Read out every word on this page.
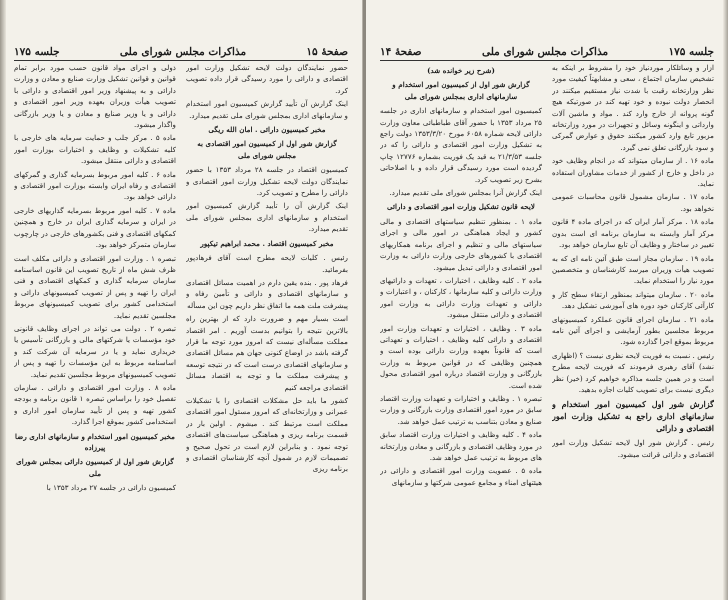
صفحهٔ ۱۵
مذاکرات مجلس شورای ملی
جلسه ۱۷۵

حضور نمایندگان دولت لایحه تشکیل وزارت امور اقتصادی و دارائی را مورد رسیدگی قرار داده تصویب کرد.

اینک گزارش آن تأیید گزارش کمیسیون امور استخدام و سازمانهای اداری بمجلس شورای ملی تقدیم میدارد.

مخبر کمیسیون دارائی . امان الله ریگی

گزارش شور اول از کمیسیون امور اقتصادی به مجلس شورای ملی

کمیسیون اقتصاد در جلسه ۲۸ مرداد ۱۳۵۳ با حضور نمایندگان دولت لایحه تشکیل وزارت امور اقتصادی و دارائی را مطرح و تصویب کرد.

اینک گزارش آن را تأیید گزارش کمیسیون امور استخدام و سازمانهای اداری بمجلس شورای ملی تقدیم میدارد.

مخبر کمیسیون اقتصاد . محمد ابراهیم تیکپور

رئیس . کلیات لایحه مطرح است آقای فرهادپور بفرمائید.

فرهاد پور . بنده یقین دارم در اهمیت مسائل اقتصادی و سازمانهای اقتصادی و دارائی و تأمین رفاه و پیشرفت ملت همه ما اتفاق نظر داریم چون این مسأله

است بسیار مهم و ضرورت دارد که از بهترین راه بالاترین نتیجه را بتوانیم بدست آوریم . امر اقتصاد مملکت مسأله‌ای نیست که امروز مورد توجه ما قرار گرفته باشد در اوضاع کنونی جهان هم مسائل اقتصادی و سازمانهای اقتصادی درست است که در نتیجه توسعه و پیشرفت مملکت ما و توجه به اقتصاد مسائل اقتصادی مراجعه کنیم

کشور ما باید حل مشکلات اقتصادی را با تشکیلات عمرانی و وزارتخانه‌ای که امروز مسئول امور اقتصادی مملکت است مرتبط کند . میشوم . اولین بار در قسمت برنامه ریزی و هماهنگی سیاست‌های اقتصادی توجه نمود . و بنابراین لازم است در تحول صحیح و تصمیمات لازم در شمول آنچه کارشناسان اقتصادی و برنامه ریزی

ذولی و اجرای مواد قانون حسب مورد برابر تمام قوانین و قوانین تشکیل وزارت صنایع و معادن و وزارت دارائی و به پیشنهاد وزیر امور اقتصادی و دارائی با تصویب هیأت وزیران بعهده وزیر امور اقتصادی و دارائی و یا وزیر صنایع و معادن و یا وزیر بازرگانی واگذار میشود.

ماده ۵ . مرکز جلب و حمایت سرمایه های خارجی با کلیه تشکیلات و وظایف و اختیارات بوزارت امور اقتصادی و دارائی منتقل میشود.

ماده ۶ . کلیه امور مربوط بسرمایه گذاری و گمرکهای اقتصادی و رفاه ایران وابسته بوزارت امور اقتصادی و دارائی خواهد بود.

ماده ۷ . کلیه امور مربوط بسرمایه گذاریهای خارجی در ایران و سرمایه گذاری ایران در خارج و همچنین کمکهای اقتصادی و فنی بکشورهای خارجی در چارچوب سازمان متمرکز خواهد بود.

تبصره ۱ . وزارت امور اقتصادی و دارائی مکلف است ظرف شش ماه از تاریخ تصویب این قانون اساسنامه سازمان سرمایه گذاری و کمکهای اقتصادی و فنی ایران را تهیه و پس از تصویب کمیسیونهای دارائی و استخدامی کشور برای تصویب کمیسیونهای مربوط مجلسین تقدیم نماید.

تبصره ۲ . دولت می تواند در اجرای وظایف قانونی خود مؤسسات یا شرکتهای مالی و بازرگانی تأسیس یا خریداری نماید و یا در سرمایه آن شرکت کند و اساسنامه مربوط به این مؤسسات را تهیه و پس از تصویب کمیسیونهای مربوط مجلسین تقدیم نماید.

ماده ۸ . وزارت امور اقتصادی و دارائی . سازمان تفصیل خود را براساس تبصره ۱ قانون برنامه و بودجه کشور تهیه و پس از تأیید سازمان امور اداری و استخدامی کشور بموقع اجرا گذارد.

مخبر کمیسیون امور استخدام و سازمانهای اداری رضا پیرزاده

گزارش شور اول از کمیسیون دارائی بمجلس شورای ملی

کمیسیون دارائی در جلسه ۲۷ مرداد ۱۳۵۳ با

جلسه ۱۷۵
مذاکرات مجلس شورای ملی
صفحهٔ ۱۴

ازار و وسائلکار موردنیاز خود را مشروط بر اینکه به تشخیص سازمان اجتماع ، سعی و مشابهتاً کیفیت مورد نظر وزارتخانه رقبت با شدت نیاز مستقیم میکنند در انحصار دولت نبوده و خود تهیه کند در صورتیکه هیچ گونه پروانه از خارج وارد کند . مواد و ماشین آلات وارداتی و اینگونه وسائل و تجهیزات در مورد وزارتخانه مزبور تابع وارد کشور میکنند حقوق و عوارض گمرکی و سود بازرگانی تعلق نمی گیرد.

ماده ۱۶ . از سازمان میتواند که در انجام وظایف خود در داخل و خارج از کشور از خدمات مشاوران استفاده نماید.

ماده ۱۷ . سازمان مشمول قانون محاسبات عمومی نخواهد بود.

ماده ۱۸ . مرکز آمار ایران که در اجرای ماده ۴ قانون مرکز آمار وابسته به سازمان برنامه ای است بدون تغییر در ساختار و وظایف آن تابع سازمان خواهد بود.

ماده ۱۹ . سازمان مجاز است طبق آئین نامه ای که به تصویب هیأت وزیران میرسد کارشناسان و متخصصین مورد نیاز را استخدام نماید.

ماده ۲۰ . سازمان میتواند بمنظور ارتقاء سطح کار و کارآئی کارکنان خود دوره های آموزشی تشکیل دهد.

ماده ۲۱ . سازمان اجرای قانون عملکرد کمیسیونهای مربوط مجلسین بطور آزمایشی و اجرای آئین نامه مربوط بموقع اجرا گذارده شود.

رئیس . نسبت به فوریت لایحه نظری نیست ؟ (اظهاری نشد) آقای رهبری فرمودند که فوریت لایحه مطرح است و در همین جلسه مذاکره خواهیم کرد (خیر) نظر دیگری نیست برای تصویب کلیات اجازه بدهید.

گزارش شور اول کمیسیون امور استخدام و سازمانهای اداری راجع به تشکیل وزارت امور اقتصادی و دارائی

رئیس . گزارش شور اول لایحه تشکیل وزارت امور اقتصادی و دارائی قرائت میشود.

(شرح زیر خوانده شد)

گزارش شور اول از کمیسیون امور استخدام و سازمانهای اداری بمجلس شورای ملی

کمیسیون امور استخدام و سازمانهای اداری در جلسه ۲۵ مرداد ۱۳۵۳ با حضور آقای طباطبائی معاون وزارت دارائی لایحه شماره ۶۰۵۸ مورخ ۱۳۵۳/۳/۲۰ دولت راجع به تشکیل وزارت امور اقتصادی و دارائی را که در جلسه ۲۱/۳/۵۳ به قید یک فوریت بشماره ۱۲۷۷۶ چاپ گردیده است مورد رسیدگی قرار داده و با اصلاحاتی بشرح زیر تصویب کرد.

اینک گزارش آنرا بمجلس شورای ملی تقدیم میدارد.

لایحه قانون تشکیل وزارت امور اقتصادی و دارائی

ماده ۱ . بمنظور تنظیم سیاستهای اقتصادی و مالی کشور و ایجاد هماهنگی در امور مالی و اجرای سیاستهای مالی و تنظیم و اجرای برنامه همکاریهای اقتصادی با کشورهای خارجی وزارت دارائی به وزارت امور اقتصادی و دارائی تبدیل میشود.

ماده ۲ . کلیه وظایف ، اختیارات ، تعهدات و دارائیهای وزارت دارائی و کلیه سازمانها ، کارکنان ، و اعتبارات و دارائی و تعهدات وزارت دارائی به وزارت امور اقتصادی و دارائی منتقل میشود.

ماده ۳ . وظایف ، اختیارات و تعهدات وزارت امور اقتصادی و دارائی کلیه وظایف ، اختیارات و تعهداتی است که قانوناً بعهده وزارت دارائی بوده است و همچنین وظایفی که در قوانین مربوط به وزارت بازرگانی و وزارت اقتصاد درباره امور اقتصادی محول شده است.

تبصره ۱ . وظایف و اختیارات و تعهدات وزارت اقتصاد سابق در مورد امور اقتصادی وزارت بازرگانی و وزارت صنایع و معادن بتناسب به ترتیب عمل خواهد شد.

ماده ۴ . کلیه وظایف و اختیارات وزارت اقتصاد سابق در مورد وظایف اقتصادی و بازرگانی و معادن وزارتخانه های مربوط به ترتیب عمل خواهد شد.

ماده ۵ . عضویت وزارت امور اقتصادی و دارائی در هیئتهای امناء و مجامع عمومی شرکتها و سازمانهای
